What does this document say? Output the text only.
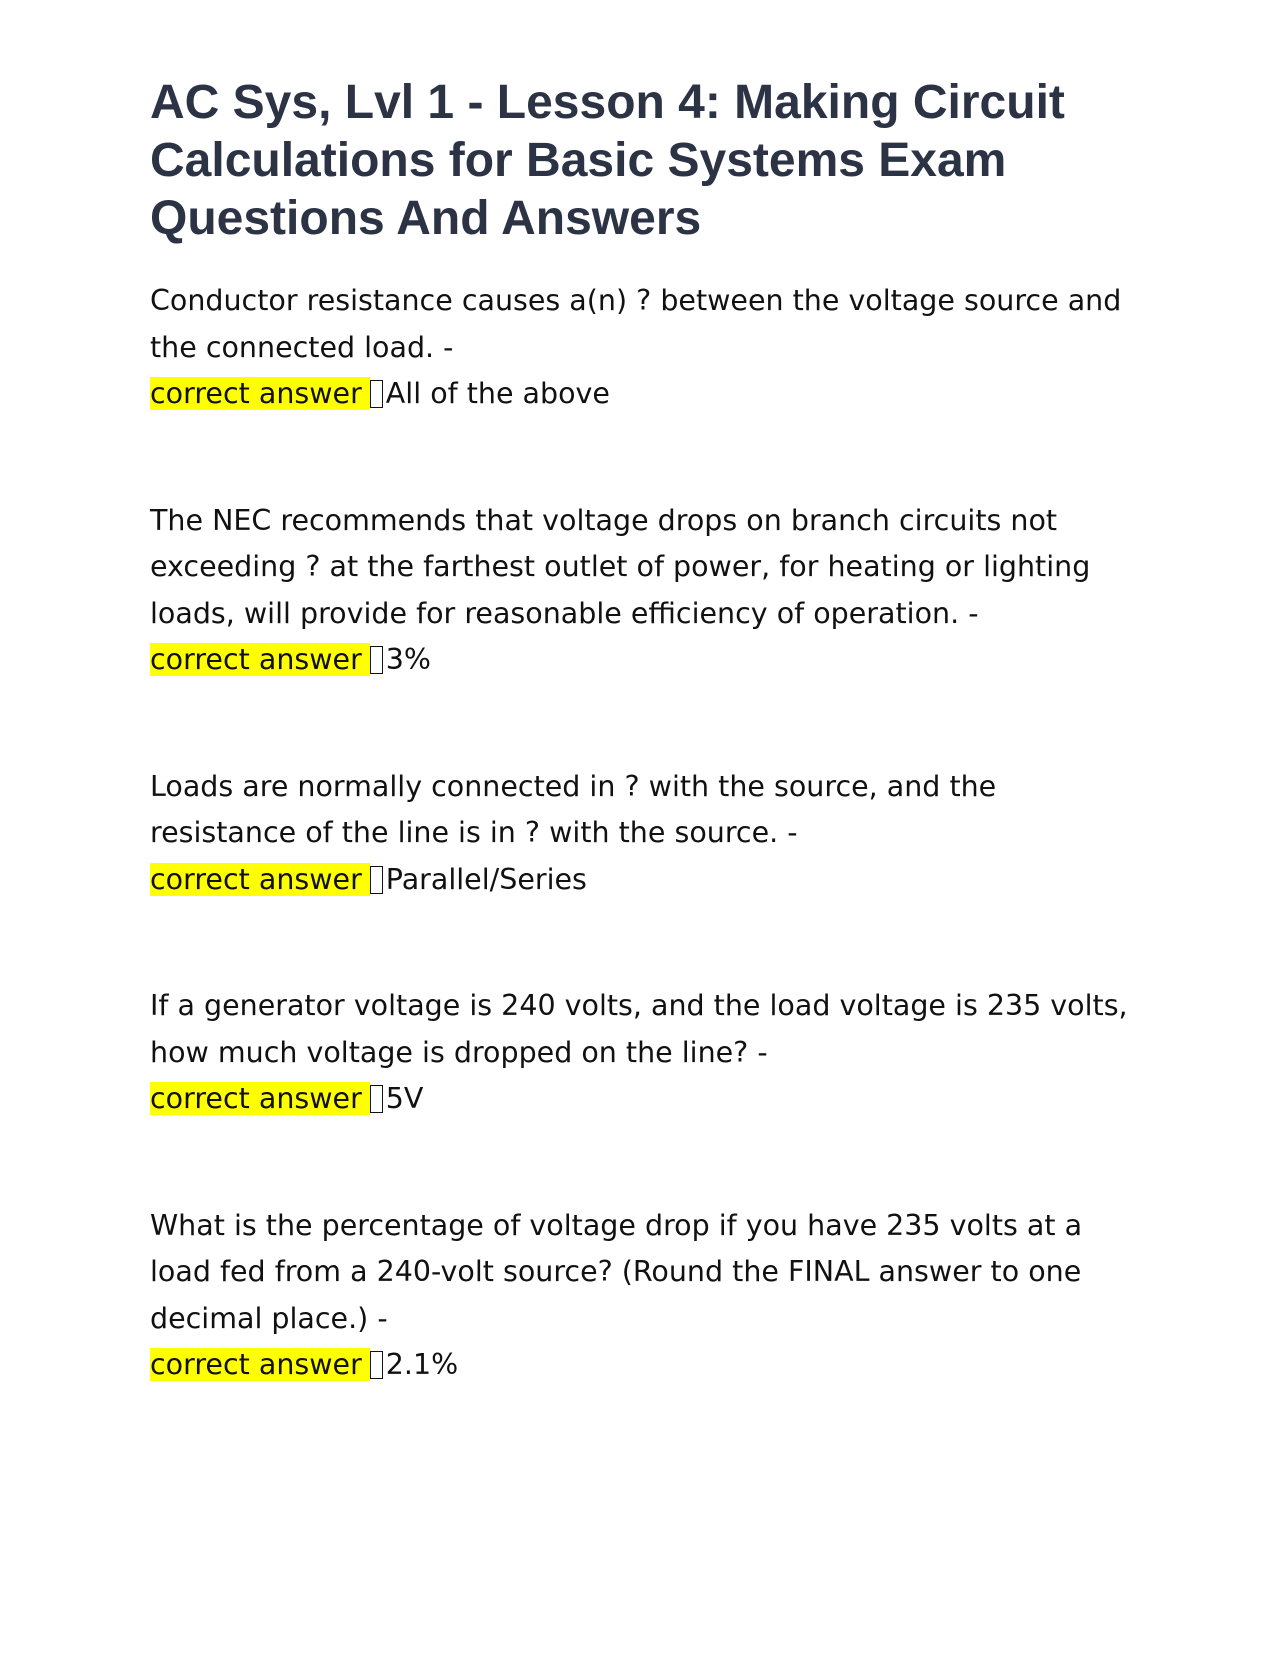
AC Sys, Lvl 1 - Lesson 4: Making Circuit Calculations for Basic Systems Exam Questions And Answers
Conductor resistance causes a(n) ? between the voltage source and the connected load. -
correct answer All of the above
The NEC recommends that voltage drops on branch circuits not exceeding ? at the farthest outlet of power, for heating or lighting loads, will provide for reasonable efficiency of operation. -
correct answer 3%
Loads are normally connected in ? with the source, and the resistance of the line is in ? with the source. -
correct answer Parallel/Series
If a generator voltage is 240 volts, and the load voltage is 235 volts, how much voltage is dropped on the line? -
correct answer 5V
What is the percentage of voltage drop if you have 235 volts at a load fed from a 240-volt source? (Round the FINAL answer to one decimal place.) -
correct answer 2.1%
